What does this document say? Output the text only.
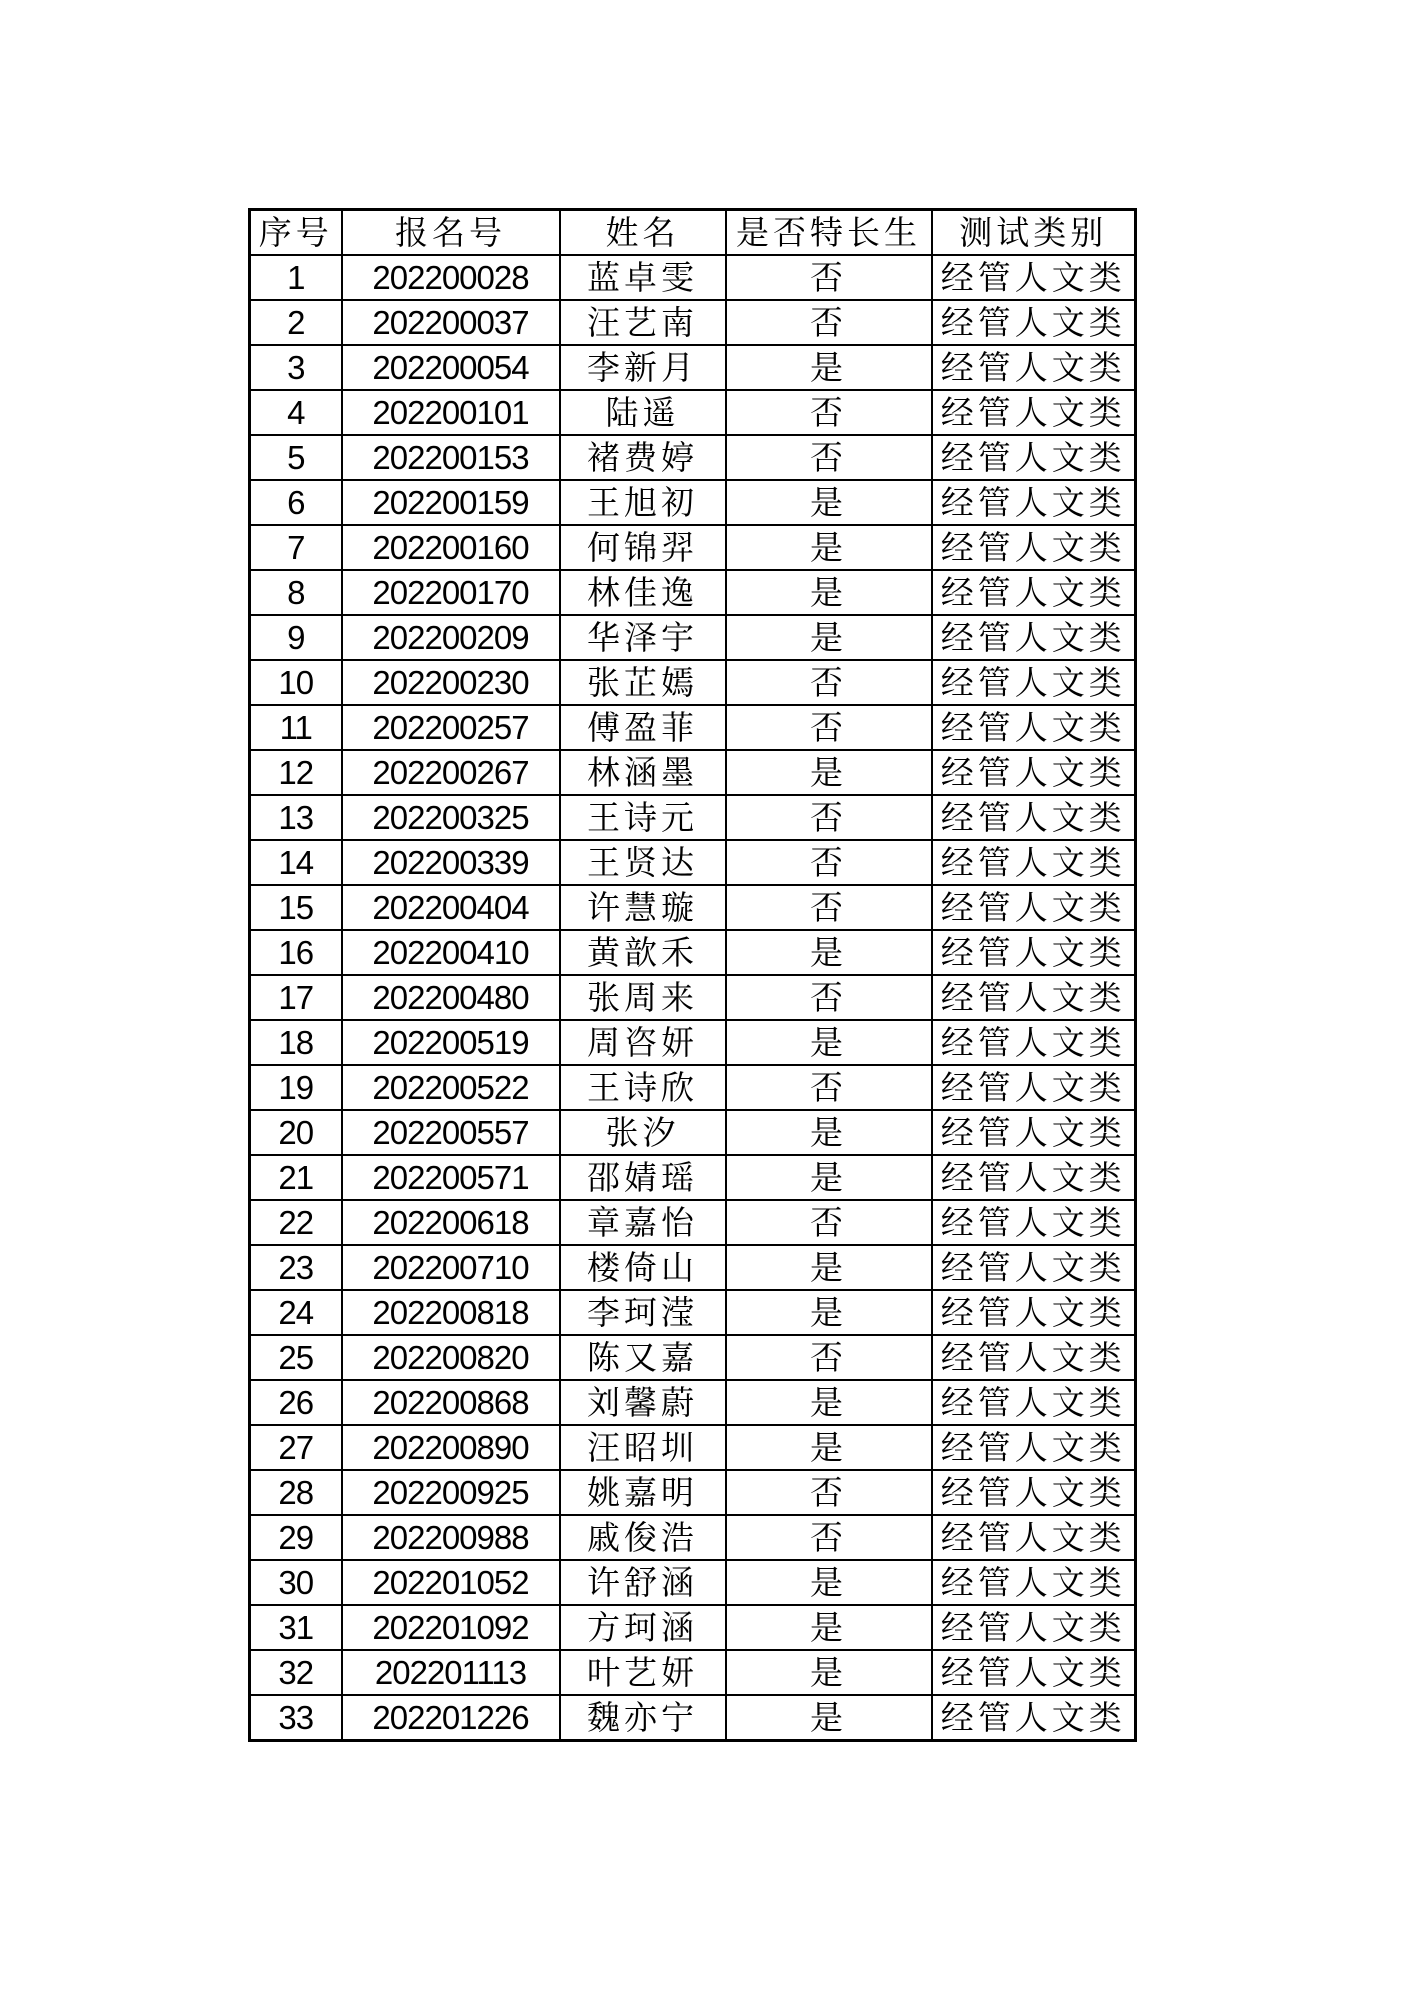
序号	报名号	姓名	是否特长生	测试类别
1	202200028	蓝卓雯	否	经管人文类
2	202200037	汪艺南	否	经管人文类
3	202200054	李新月	是	经管人文类
4	202200101	陆遥	否	经管人文类
5	202200153	褚费婷	否	经管人文类
6	202200159	王旭初	是	经管人文类
7	202200160	何锦羿	是	经管人文类
8	202200170	林佳逸	是	经管人文类
9	202200209	华泽宇	是	经管人文类
10	202200230	张芷嫣	否	经管人文类
11	202200257	傅盈菲	否	经管人文类
12	202200267	林涵墨	是	经管人文类
13	202200325	王诗元	否	经管人文类
14	202200339	王贤达	否	经管人文类
15	202200404	许慧璇	否	经管人文类
16	202200410	黄歆禾	是	经管人文类
17	202200480	张周来	否	经管人文类
18	202200519	周咨妍	是	经管人文类
19	202200522	王诗欣	否	经管人文类
20	202200557	张汐	是	经管人文类
21	202200571	邵婧瑶	是	经管人文类
22	202200618	章嘉怡	否	经管人文类
23	202200710	楼倚山	是	经管人文类
24	202200818	李珂滢	是	经管人文类
25	202200820	陈又嘉	否	经管人文类
26	202200868	刘馨蔚	是	经管人文类
27	202200890	汪昭圳	是	经管人文类
28	202200925	姚嘉明	否	经管人文类
29	202200988	戚俊浩	否	经管人文类
30	202201052	许舒涵	是	经管人文类
31	202201092	方珂涵	是	经管人文类
32	202201113	叶艺妍	是	经管人文类
33	202201226	魏亦宁	是	经管人文类
